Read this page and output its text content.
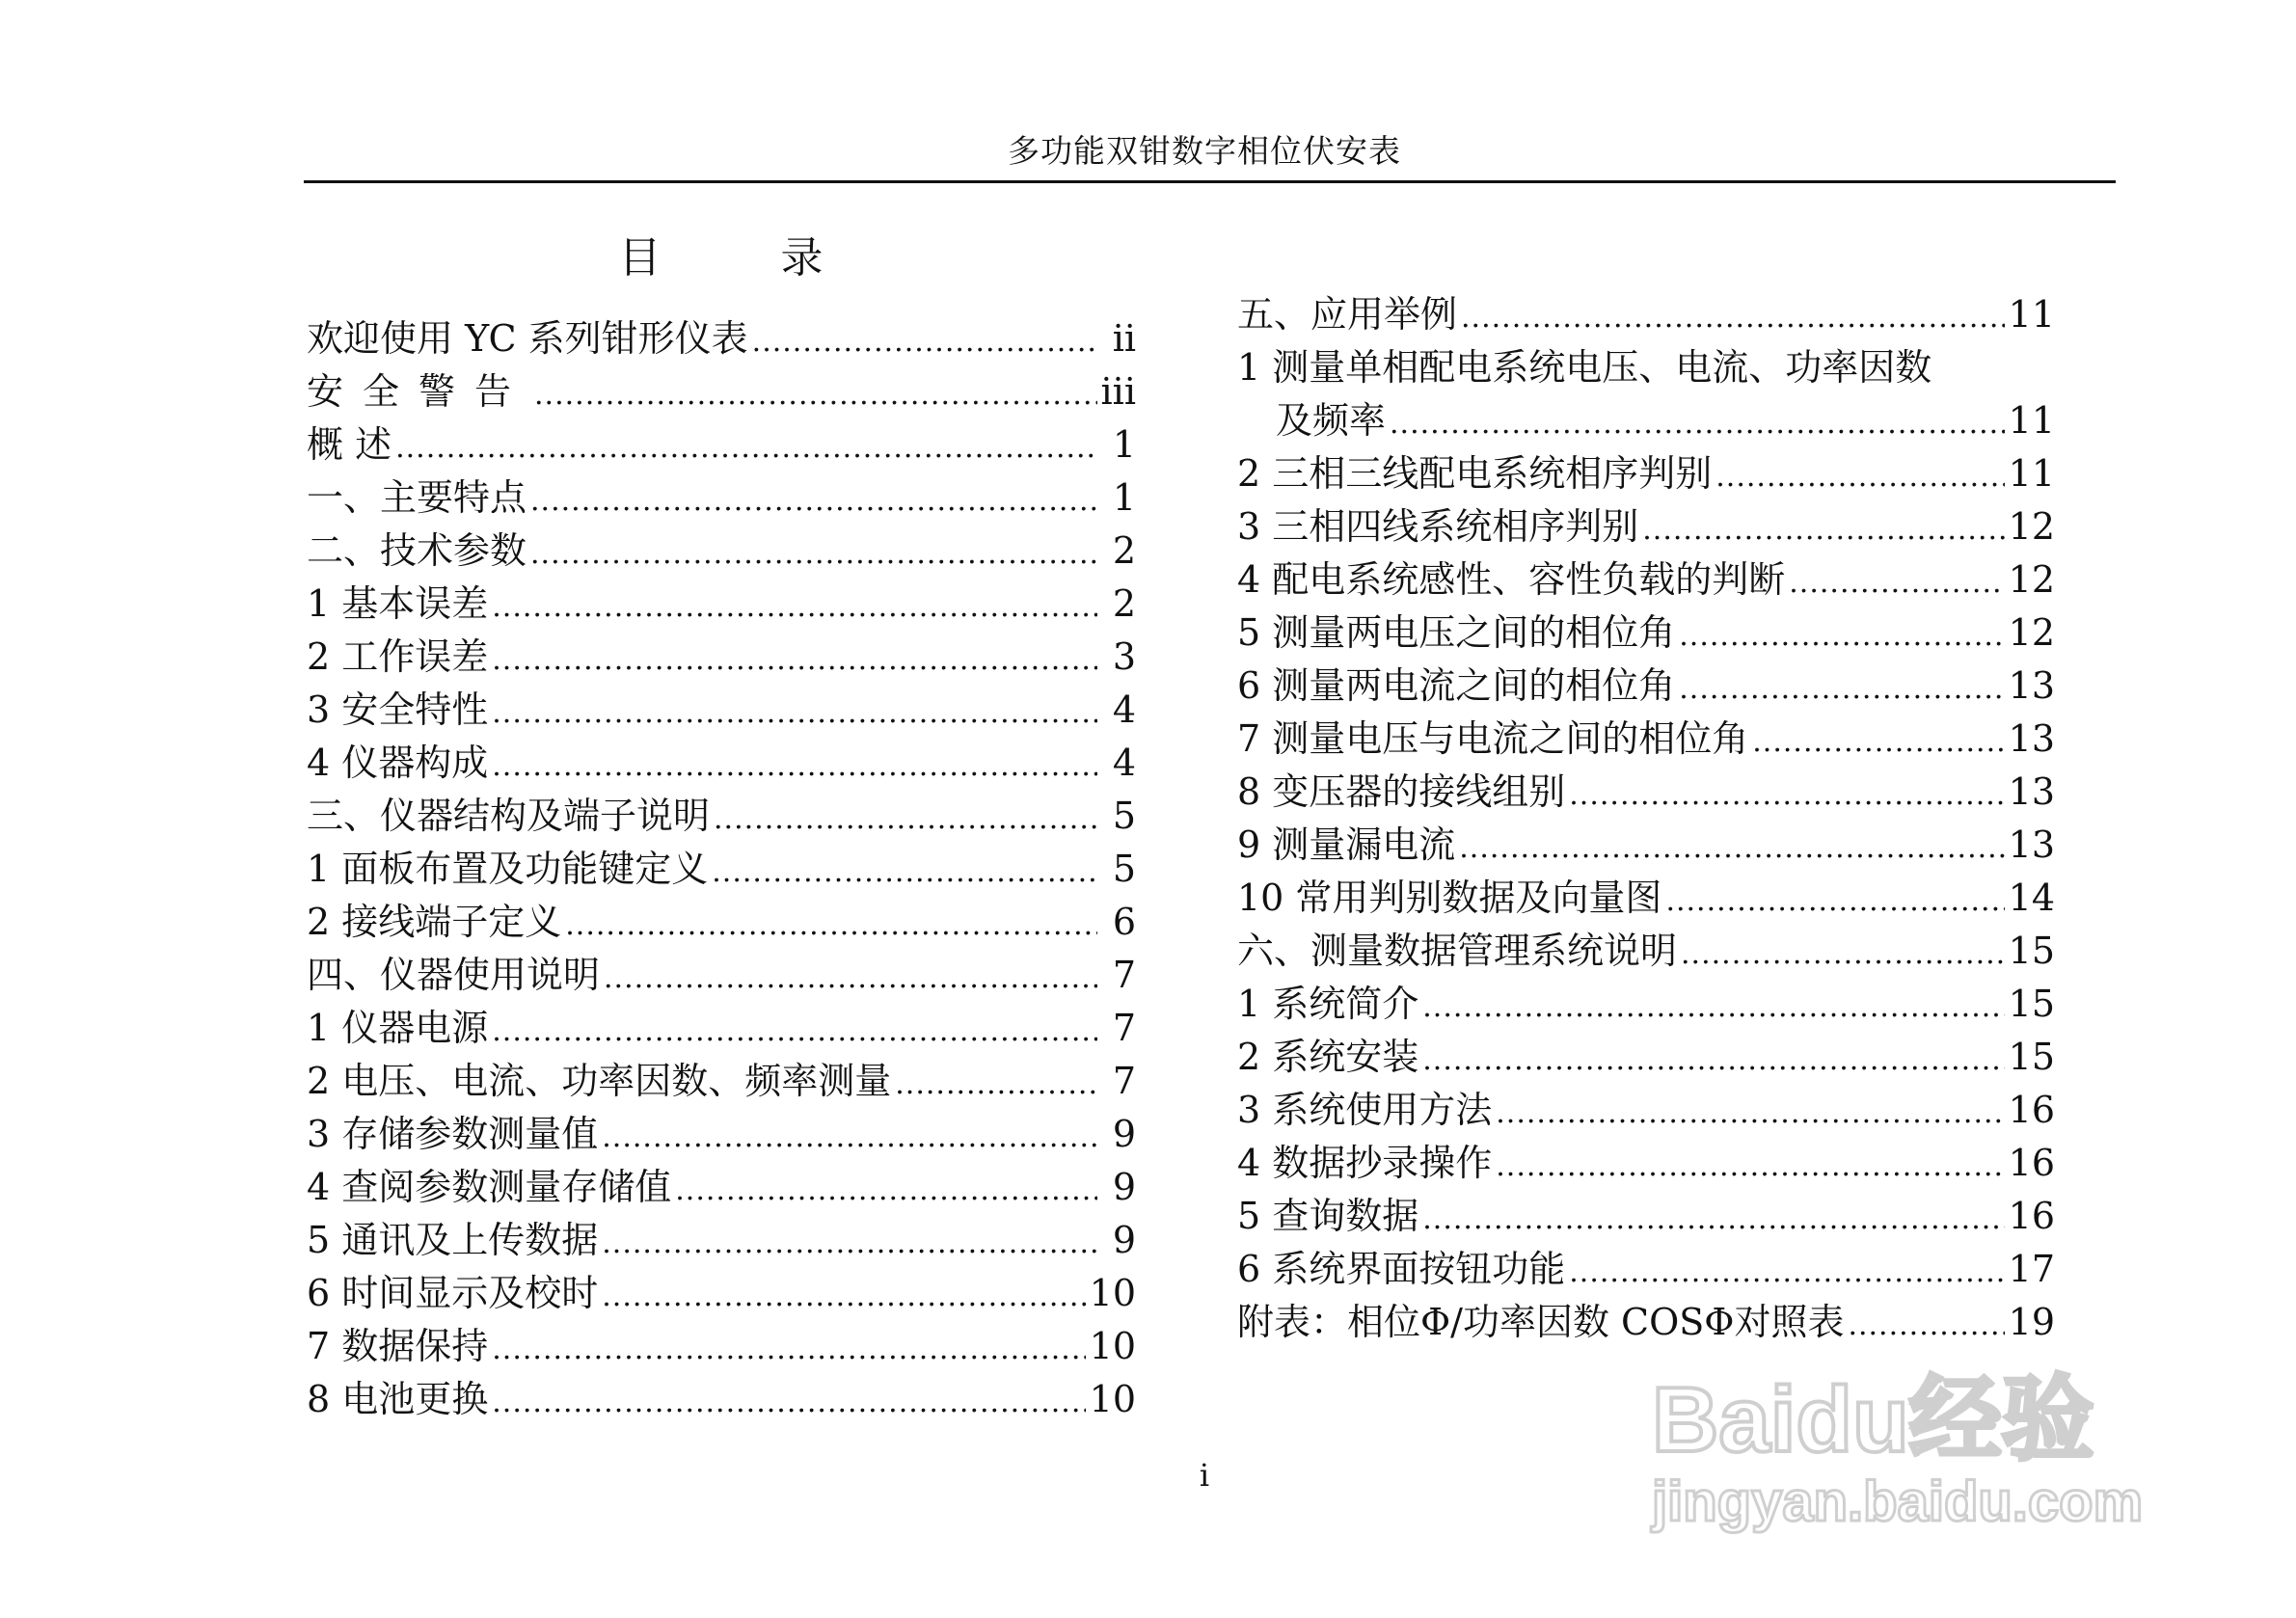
多功能双钳数字相位伏安表
目 录
欢迎使用 YC 系列钳形仪表 .....	ii
安全警告 .....	iii
概 述 .....	1
一、主要特点 .....	1
二、技术参数 .....	2
1 基本误差 .....	2
2 工作误差 .....	3
3 安全特性 .....	4
4 仪器构成 .....	4
三、仪器结构及端子说明 .....	5
1 面板布置及功能键定义 .....	5
2 接线端子定义 .....	6
四、仪器使用说明 .....	7
1 仪器电源 .....	7
2 电压、电流、功率因数、频率测量 .....	7
3 存储参数测量值 .....	9
4 查阅参数测量存储值 .....	9
5 通讯及上传数据 .....	9
6 时间显示及校时 .....	10
7 数据保持 .....	10
8 电池更换 .....	10
五、应用举例 .....	11
1 测量单相配电系统电压、电流、功率因数
及频率 .....	11
2 三相三线配电系统相序判别 .....	11
3 三相四线系统相序判别 .....	12
4 配电系统感性、容性负载的判断 .....	12
5 测量两电压之间的相位角 .....	12
6 测量两电流之间的相位角 .....	13
7 测量电压与电流之间的相位角 .....	13
8 变压器的接线组别 .....	13
9 测量漏电流 .....	13
10 常用判别数据及向量图 .....	14
六、测量数据管理系统说明 .....	15
1 系统简介 .....	15
2 系统安装 .....	15
3 系统使用方法 .....	16
4 数据抄录操作 .....	16
5 查询数据 .....	16
6 系统界面按钮功能 .....	17
附表：相位Φ/功率因数 COSΦ对照表 .....	19
i
Baidu经验
jingyan.baidu.com
